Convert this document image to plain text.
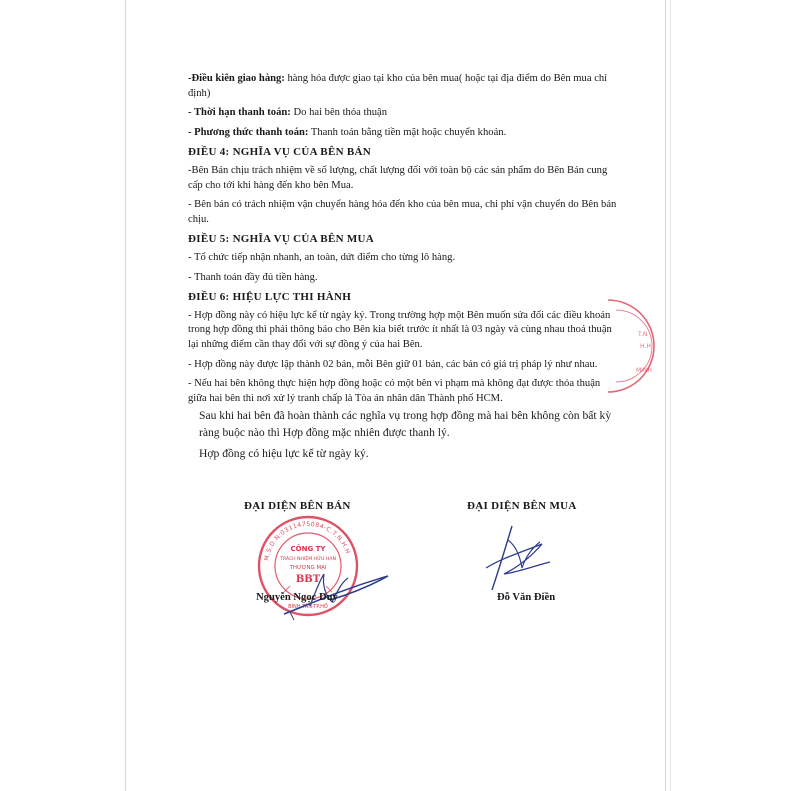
-Điều kiên giao hàng: hàng hóa được giao tại kho của bên mua( hoặc tại địa điểm do Bên mua chỉ định)

- Thời hạn thanh toán: Do hai bên thỏa thuận

- Phương thức thanh toán: Thanh toán bằng tiền mặt hoặc chuyển khoản.

ĐIỀU 4: NGHĨA VỤ CỦA BÊN BÁN

-Bên Bán chịu trách nhiệm về số lượng, chất lượng đối với toàn bộ các sản phẩm do Bên Bán cung cấp cho tới khi hàng đến kho bên Mua.

- Bên bán có trách nhiệm vận chuyển hàng hóa đến kho của bên mua, chi phí vận chuyển do Bên bán chịu.

ĐIỀU 5: NGHĨA VỤ CỦA BÊN MUA

- Tổ chức tiếp nhận nhanh, an toàn, dứt điểm cho từng lô hàng.

- Thanh toán đầy đủ tiền hàng.

ĐIỀU 6: HIỆU LỰC THI HÀNH

- Hợp đồng này có hiệu lực kể từ ngày ký. Trong trường hợp một Bên muốn sửa đổi các điều khoản trong hợp đồng thì phải thông báo cho Bên kia biết trước ít nhất là 03 ngày và cùng nhau thoả thuận lại những điểm cần thay đổi với sự đồng ý của hai Bên.

- Hợp đồng này được lập thành 02 bản, mỗi Bên giữ 01 bản, các bản có giá trị pháp lý như nhau.

- Nếu hai bên không thực hiện hợp đồng hoặc có một bên vi phạm mà không đạt được thỏa thuận giữa hai bên thì nơi xử lý tranh chấp là Tòa án nhân dân Thành phố HCM.

Sau khi hai bên đã hoàn thành các nghĩa vụ trong hợp đồng mà hai bên không còn bất kỳ ràng buộc nào thì Hợp đồng mặc nhiên được thanh lý.

Hợp đồng có hiệu lực kể từ ngày ký.

T.N
H.H
MINH
ĐẠI DIỆN BÊN BÁN	ĐẠI DIỆN BÊN MUA
M.S.D.N:0311475084-C.T.N.H.H
CÔNG TY
TRÁCH NHIỆM HỮU HẠN
THƯƠNG MẠI
BBT
BÌNH TÂN-TP.HỒ
Nguyễn Ngọc Duy	Đỗ Văn Điền
